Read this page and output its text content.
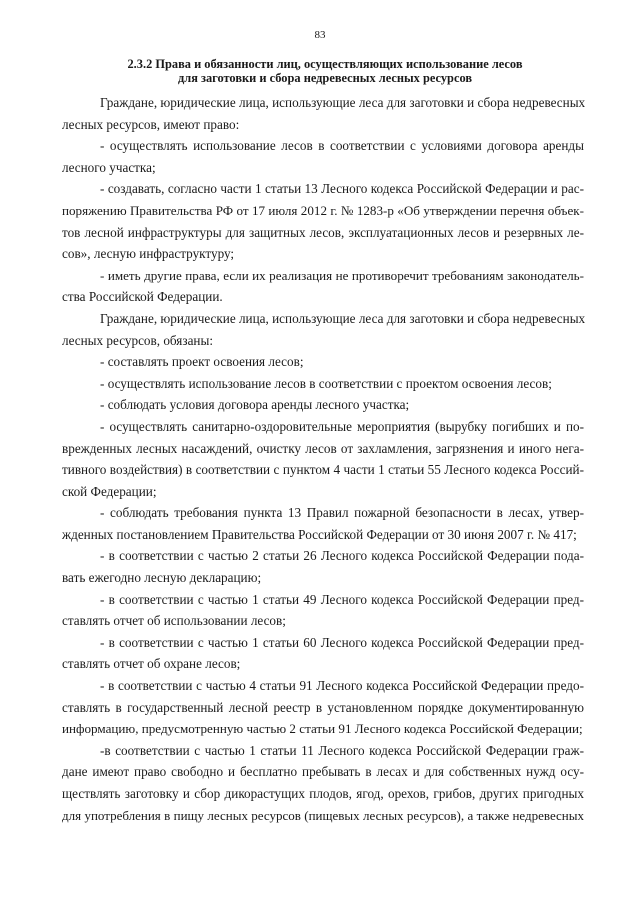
83
2.3.2 Права и обязанности лиц, осуществляющих использование лесов
для заготовки и сбора недревесных лесных ресурсов
Граждане, юридические лица, использующие леса для заготовки и сбора недревесных
лесных ресурсов, имеют право:
- осуществлять использование лесов в соответствии с условиями договора аренды
лесного участка;
- создавать, согласно части 1 статьи 13 Лесного кодекса Российской Федерации и рас-
поряжению Правительства РФ от 17 июля 2012 г. № 1283-р «Об утверждении перечня объек-
тов лесной инфраструктуры для защитных лесов, эксплуатационных лесов и резервных ле-
сов», лесную инфраструктуру;
- иметь другие права, если их реализация не противоречит требованиям законодатель-
ства Российской Федерации.
Граждане, юридические лица, использующие леса для заготовки и сбора недревесных
лесных ресурсов, обязаны:
- составлять проект освоения лесов;
- осуществлять использование лесов в соответствии с проектом освоения лесов;
- соблюдать условия договора аренды лесного участка;
- осуществлять санитарно-оздоровительные мероприятия (вырубку погибших и по-
врежденных лесных насаждений, очистку лесов от захламления, загрязнения и иного нега-
тивного воздействия) в соответствии с пунктом 4 части 1 статьи 55 Лесного кодекса Россий-
ской Федерации;
- соблюдать требования пункта 13 Правил пожарной безопасности в лесах, утвер-
жденных постановлением Правительства Российской Федерации от 30 июня 2007 г. № 417;
- в соответствии с частью 2 статьи 26 Лесного кодекса Российской Федерации пода-
вать ежегодно лесную декларацию;
- в соответствии с частью 1 статьи 49 Лесного кодекса Российской Федерации пред-
ставлять отчет об использовании лесов;
- в соответствии с частью 1 статьи 60 Лесного кодекса Российской Федерации пред-
ставлять отчет об охране лесов;
- в соответствии с частью 4 статьи 91 Лесного кодекса Российской Федерации предо-
ставлять в государственный лесной реестр в установленном порядке документированную
информацию, предусмотренную частью 2 статьи 91 Лесного кодекса Российской Федерации;
-в соответствии с частью 1 статьи 11 Лесного кодекса Российской Федерации граж-
дане имеют право свободно и бесплатно пребывать в лесах и для собственных нужд осу-
ществлять заготовку и сбор дикорастущих плодов, ягод, орехов, грибов, других пригодных
для употребления в пищу лесных ресурсов (пищевых лесных ресурсов), а также недревесных
